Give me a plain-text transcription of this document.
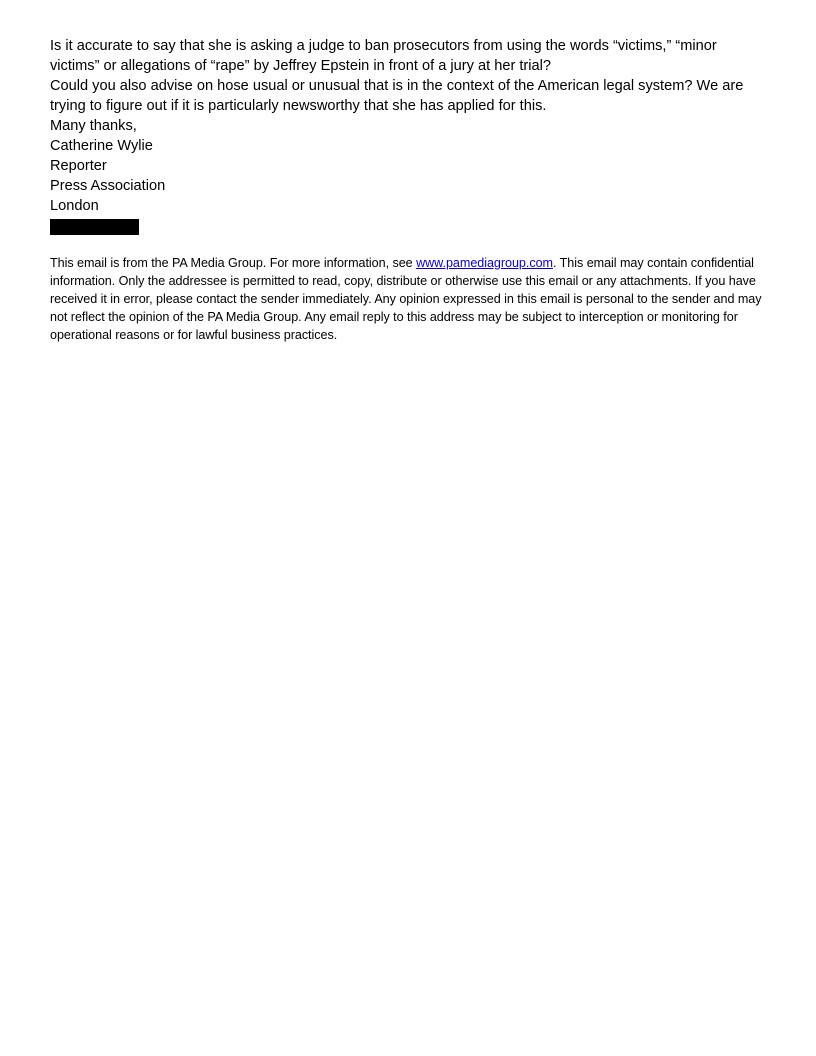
Is it accurate to say that she is asking a judge to ban prosecutors from using the words “victims,” “minor victims” or allegations of “rape” by Jeffrey Epstein in front of a jury at her trial?

Could you also advise on hose usual or unusual that is in the context of the American legal system? We are trying to figure out if it is particularly newsworthy that she has applied for this.

Many thanks,

Catherine Wylie

Reporter

Press Association

London

This email is from the PA Media Group. For more information, see www.pamediagroup.com. This email may contain confidential information. Only the addressee is permitted to read, copy, distribute or otherwise use this email or any attachments. If you have received it in error, please contact the sender immediately. Any opinion expressed in this email is personal to the sender and may not reflect the opinion of the PA Media Group. Any email reply to this address may be subject to interception or monitoring for operational reasons or for lawful business practices.
